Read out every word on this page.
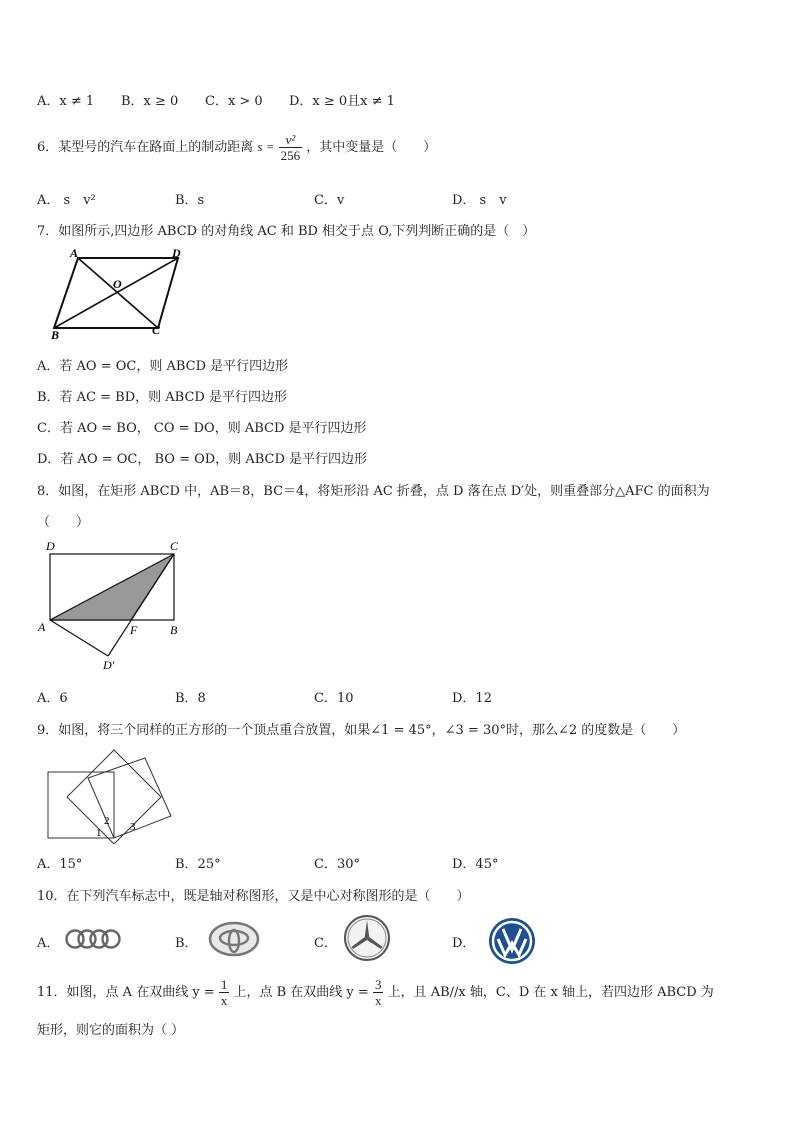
A．x ≠ 1 B．x ≥ 0 C．x > 0 D．x ≥ 0且x ≠ 1
6．某型号的汽车在路面上的制动距离 $s = \frac{\text{v²}}{256}$ ，其中变量是（　　）
A． s　v²	B．s	C．v	D． s　v
7．如图所示,四边形 ABCD 的对角线 AC 和 BD 相交于点 O,下列判断正确的是（　）
A	D
O
B	C
A．若 AO = OC，则 ABCD 是平行四边形
B．若 AC = BD，则 ABCD 是平行四边形
C．若 AO = BO， CO = DO，则 ABCD 是平行四边形
D．若 AO = OC， BO = OD，则 ABCD 是平行四边形
8．如图，在矩形 ABCD 中，AB＝8，BC＝4，将矩形沿 AC 折叠，点 D 落在点 D′处，则重叠部分△AFC 的面积为
（　　）
D	C
A	F	B
D′
A．6	B．8	C．10	D．12
9．如图，将三个同样的正方形的一个顶点重合放置，如果∠1 = 45°，∠3 = 30°时，那么∠2 的度数是（　　）
1
2 3
A．15°	B．25°	C．30°	D．45°
10．在下列汽车标志中，既是轴对称图形，又是中心对称图形的是（　　）
A．	B．	C．	D．
11．如图，点 A 在双曲线 $y = \frac{1}{x}$ 上，点 B 在双曲线 $y = \frac{3}{x}$ 上，且 AB//x 轴，C、D 在 x 轴上，若四边形 ABCD 为
矩形，则它的面积为（ ）
